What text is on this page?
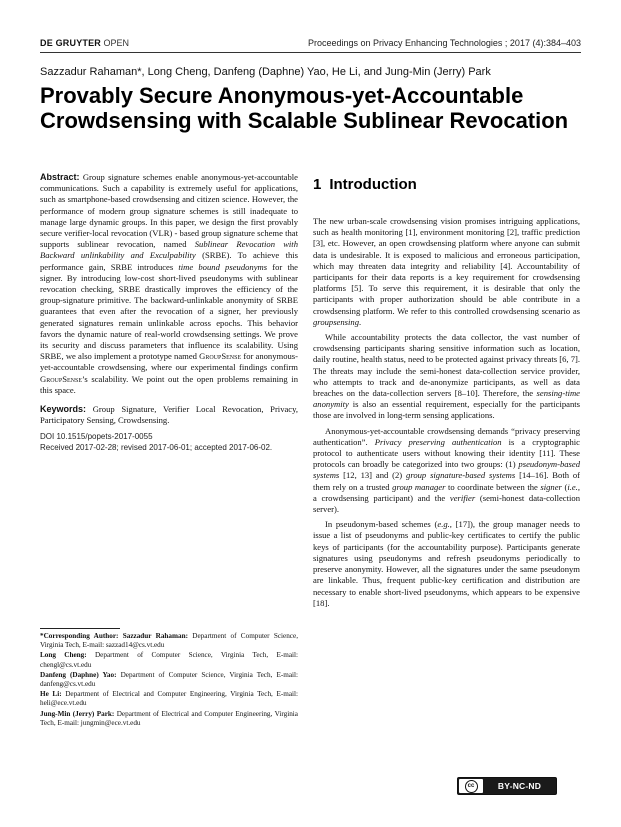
DE GRUYTER OPEN	Proceedings on Privacy Enhancing Technologies ; 2017 (4):384–403
Sazzadur Rahaman*, Long Cheng, Danfeng (Daphne) Yao, He Li, and Jung-Min (Jerry) Park
Provably Secure Anonymous-yet-Accountable Crowdsensing with Scalable Sublinear Revocation

Abstract: Group signature schemes enable anonymous-yet-accountable communications. Such a capability is extremely useful for applications, such as smartphone-based crowdsensing and citizen science. However, the performance of modern group signature schemes is still inadequate to manage large dynamic groups. In this paper, we design the first provably secure verifier-local revocation (VLR) - based group signature scheme that supports sublinear revocation, named Sublinear Revocation with Backward unlinkability and Exculpability (SRBE). To achieve this performance gain, SRBE introduces time bound pseudonyms for the signer. By introducing low-cost short-lived pseudonyms with sublinear revocation checking, SRBE drastically improves the efficiency of the group-signature primitive. The backward-unlinkable anonymity of SRBE guarantees that even after the revocation of a signer, her previously generated signatures remain unlinkable across epochs. This behavior favors the dynamic nature of real-world crowdsensing settings. We prove its security and discuss parameters that influence its scalability. Using SRBE, we also implement a prototype named GroupSense for anonymous-yet-accountable crowdsensing, where our experimental findings confirm GroupSense’s scalability. We point out the open problems remaining in this space.

Keywords: Group Signature, Verifier Local Revocation, Privacy, Participatory Sensing, Crowdsensing.

DOI 10.1515/popets-2017-0055
Received 2017-02-28; revised 2017-06-01; accepted 2017-06-02.

*Corresponding Author: Sazzadur Rahaman: Department of Computer Science, Virginia Tech, E-mail: sazzad14@cs.vt.edu

Long Cheng: Department of Computer Science, Virginia Tech, E-mail: chengl@cs.vt.edu

Danfeng (Daphne) Yao: Department of Computer Science, Virginia Tech, E-mail: danfeng@cs.vt.edu

He Li: Department of Electrical and Computer Engineering, Virginia Tech, E-mail: heli@ece.vt.edu

Jung-Min (Jerry) Park: Department of Electrical and Computer Engineering, Virginia Tech, E-mail: jungmin@ece.vt.edu

1 Introduction

The new urban-scale crowdsensing vision promises intriguing applications, such as health monitoring [1], environment monitoring [2], traffic prediction [3], etc. However, an open crowdsensing platform where anyone can submit data is undesirable. It is exposed to malicious and erroneous participation, which may threaten data integrity and reliability [4]. Accountability of participants for their data reports is a key requirement for crowdsensing platforms [5]. To serve this requirement, it is desirable that only the participants with proper authorization should be able contribute in a crowdsensing platform. We refer to this controlled crowdsensing scenario as groupsensing.

While accountability protects the data collector, the vast number of crowdsensing participants sharing sensitive information such as location, daily routine, health status, need to be protected against privacy threats [6, 7]. The threats may include the semi-honest data-collection service provider, who attempts to track and de-anonymize participants, as well as data breaches on the data-collection servers [8–10]. Therefore, the sensing-time anonymity is also an essential requirement, especially for the participants those are involved in long-term sensing applications.

Anonymous-yet-accountable crowdsensing demands “privacy preserving authentication”. Privacy preserving authentication is a cryptographic protocol to authenticate users without knowing their identity [11]. These protocols can broadly be categorized into two groups: (1) pseudonym-based systems [12, 13] and (2) group signature-based systems [14–16]. Both of them rely on a trusted group manager to coordinate between the signer (i.e., a crowdsensing participant) and the verifier (semi-honest data-collection server).

In pseudonym-based schemes (e.g., [17]), the group manager needs to issue a list of pseudonyms and public-key certificates to certify the public keys of participants (for the accountability purpose). Participants generate signatures using pseudonyms and refresh pseudonyms periodically to preserve anonymity. However, all the signatures under the same pseudonym are linkable. Thus, frequent public-key certification and distribution are necessary to enable short-lived pseudonyms, which appears to be expensive [18].

cc	BY-NC-ND
